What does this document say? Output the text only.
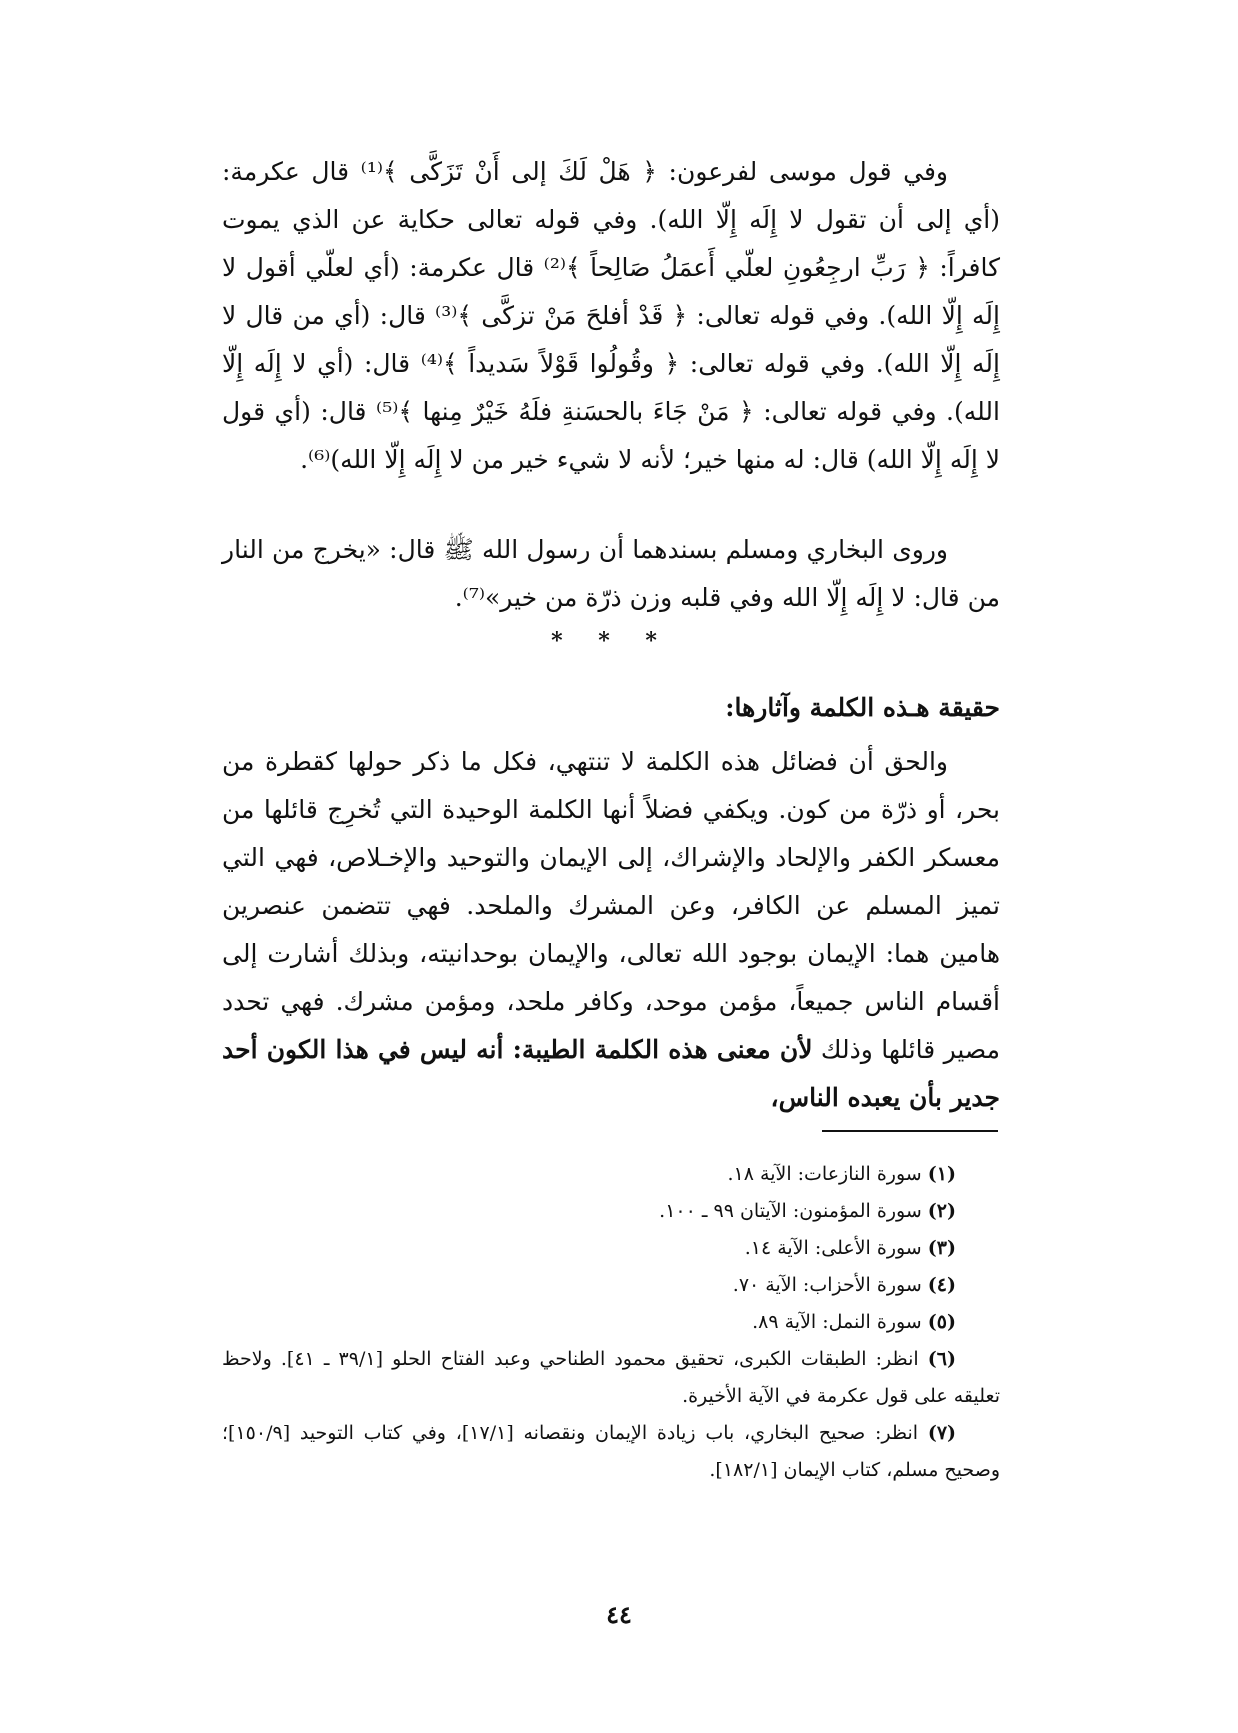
وفي قول موسى لفرعون: ﴿ هَلْ لَكَ إلى أَنْ تَزَكَّى ﴾⁽¹⁾ قال عكرمة: (أي إلى أن تقول لا إِلَه إِلّا الله). وفي قوله تعالى حكاية عن الذي يموت كافراً: ﴿ رَبِّ ارجِعُونِ لعلّي أَعمَلُ صَالِحاً ﴾⁽²⁾ قال عكرمة: (أي لعلّي أقول لا إِلَه إِلّا الله). وفي قوله تعالى: ﴿ قَدْ أفلحَ مَنْ تزكَّى ﴾⁽³⁾ قال: (أي من قال لا إِلَه إِلّا الله). وفي قوله تعالى: ﴿ وقُولُوا قَوْلاً سَديداً ﴾⁽⁴⁾ قال: (أي لا إِلَه إِلّا الله). وفي قوله تعالى: ﴿ مَنْ جَاءَ بالحسَنةِ فلَهُ خَيْرٌ مِنها ﴾⁽⁵⁾ قال: (أي قول لا إِلَه إِلّا الله) قال: له منها خير؛ لأنه لا شيء خير من لا إِلَه إِلّا الله)⁽⁶⁾.

وروى البخاري ومسلم بسندهما أن رسول الله ﷺ قال: «يخرج من النار من قال: لا إِلَه إِلّا الله وفي قلبه وزن ذرّة من خير»⁽⁷⁾.

* * *
حقيقة هـذه الكلمة وآثارها:

والحق أن فضائل هذه الكلمة لا تنتهي، فكل ما ذكر حولها كقطرة من بحر، أو ذرّة من كون. ويكفي فضلاً أنها الكلمة الوحيدة التي تُخرِج قائلها من معسكر الكفر والإلحاد والإشراك، إلى الإيمان والتوحيد والإخـلاص، فهي التي تميز المسلم عن الكافر، وعن المشرك والملحد. فهي تتضمن عنصرين هامين هما: الإيمان بوجود الله تعالى، والإيمان بوحدانيته، وبذلك أشارت إلى أقسام الناس جميعاً، مؤمن موحد، وكافر ملحد، ومؤمن مشرك. فهي تحدد مصير قائلها وذلك لأن معنى هذه الكلمة الطيبة: أنه ليس في هذا الكون أحد جدير بأن يعبده الناس،

(١) سورة النازعات: الآية ١٨.

(٢) سورة المؤمنون: الآيتان ٩٩ ـ ١٠٠.

(٣) سورة الأعلى: الآية ١٤.

(٤) سورة الأحزاب: الآية ٧٠.

(٥) سورة النمل: الآية ٨٩.

(٦) انظر: الطبقات الكبرى، تحقيق محمود الطناحي وعبد الفتاح الحلو [٣٩/١ ـ ٤١]. ولاحظ تعليقه على قول عكرمة في الآية الأخيرة.

(٧) انظر: صحيح البخاري، باب زيادة الإيمان ونقصانه [١٧/١]، وفي كتاب التوحيد [١٥٠/٩]؛ وصحيح مسلم، كتاب الإيمان [١٨٢/١].

٤٤
